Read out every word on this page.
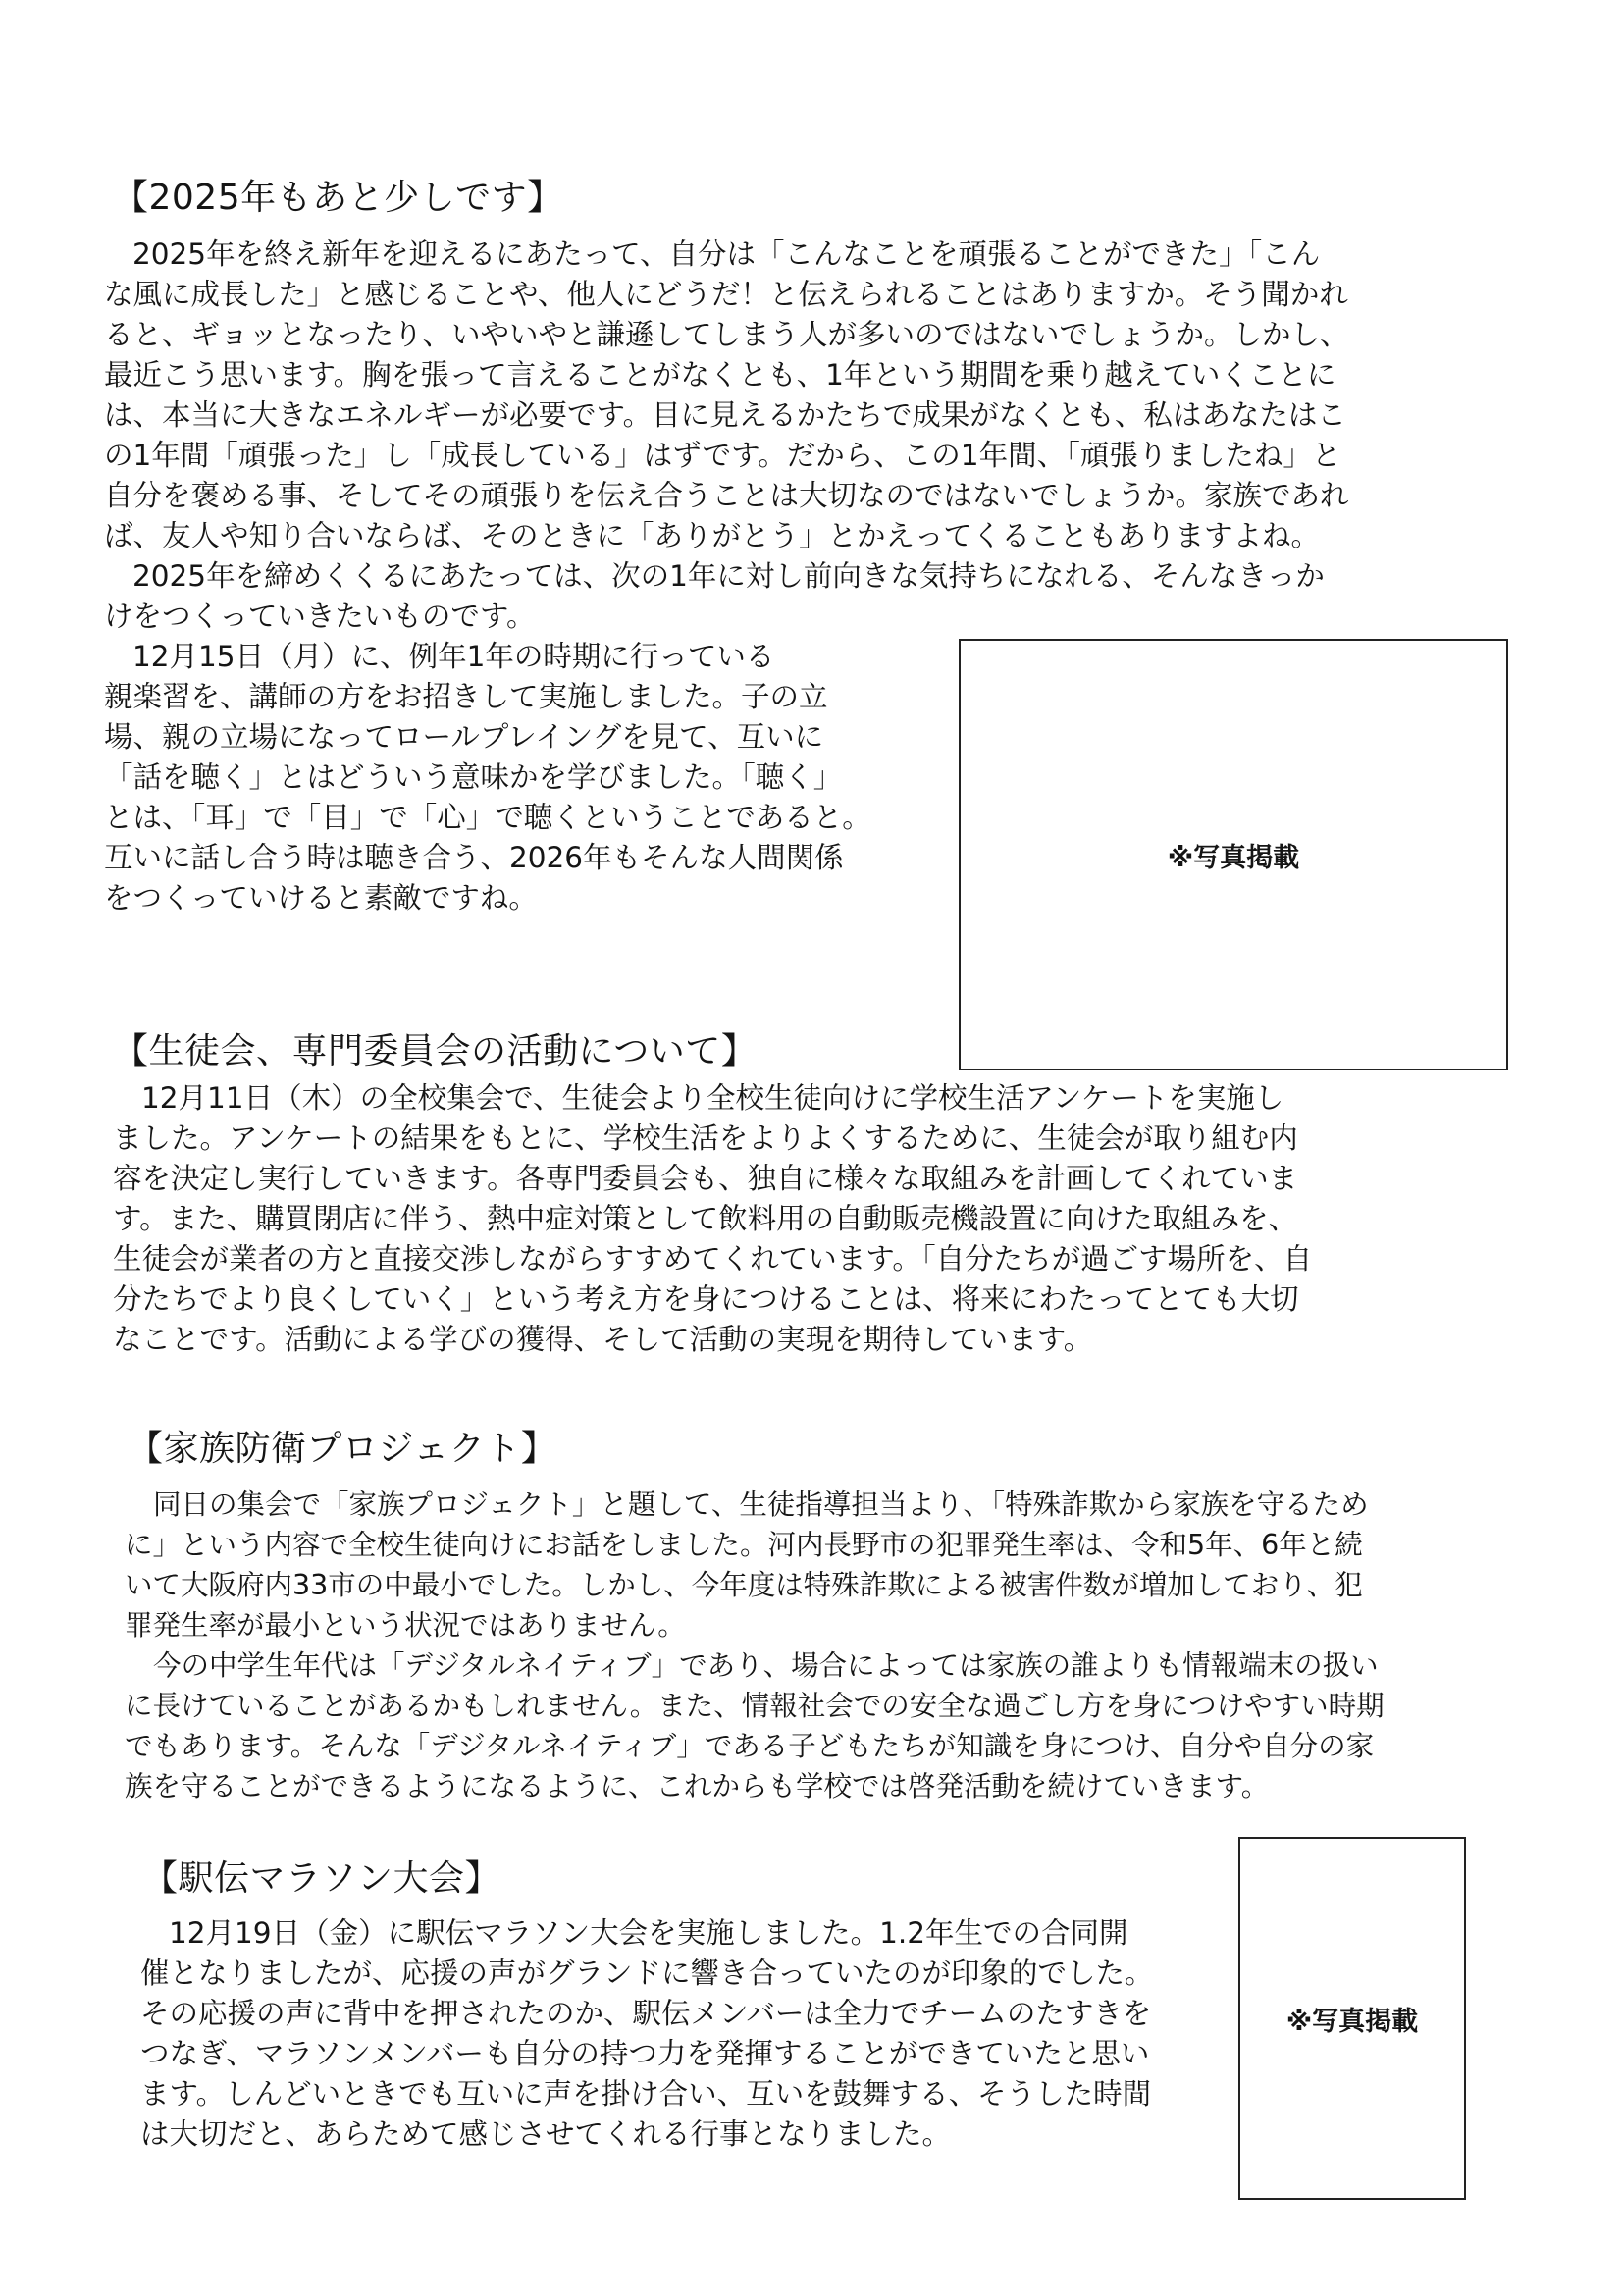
【2025年もあと少しです】
2025年を終え新年を迎えるにあたって、自分は「こんなことを頑張ることができた」「こん
な風に成長した」と感じることや、他人にどうだ！と伝えられることはありますか。そう聞かれ
ると、ギョッとなったり、いやいやと謙遜してしまう人が多いのではないでしょうか。しかし、
最近こう思います。胸を張って言えることがなくとも、1年という期間を乗り越えていくことに
は、本当に大きなエネルギーが必要です。目に見えるかたちで成果がなくとも、私はあなたはこ
の1年間「頑張った」し「成長している」はずです。だから、この1年間、「頑張りましたね」と
自分を褒める事、そしてその頑張りを伝え合うことは大切なのではないでしょうか。家族であれ
ば、友人や知り合いならば、そのときに「ありがとう」とかえってくることもありますよね。
2025年を締めくくるにあたっては、次の1年に対し前向きな気持ちになれる、そんなきっか
けをつくっていきたいものです。
12月15日（月）に、例年1年の時期に行っている
親楽習を、講師の方をお招きして実施しました。子の立
場、親の立場になってロールプレイングを見て、互いに
「話を聴く」とはどういう意味かを学びました。「聴く」
とは、「耳」で「目」で「心」で聴くということであると。
互いに話し合う時は聴き合う、2026年もそんな人間関係
をつくっていけると素敵ですね。
※写真掲載
【生徒会、専門委員会の活動について】
12月11日（木）の全校集会で、生徒会より全校生徒向けに学校生活アンケートを実施し
ました。アンケートの結果をもとに、学校生活をよりよくするために、生徒会が取り組む内
容を決定し実行していきます。各専門委員会も、独自に様々な取組みを計画してくれていま
す。また、購買閉店に伴う、熱中症対策として飲料用の自動販売機設置に向けた取組みを、
生徒会が業者の方と直接交渉しながらすすめてくれています。「自分たちが過ごす場所を、自
分たちでより良くしていく」という考え方を身につけることは、将来にわたってとても大切
なことです。活動による学びの獲得、そして活動の実現を期待しています。
【家族防衛プロジェクト】
同日の集会で「家族プロジェクト」と題して、生徒指導担当より、「特殊詐欺から家族を守るため
に」という内容で全校生徒向けにお話をしました。河内長野市の犯罪発生率は、令和5年、6年と続
いて大阪府内33市の中最小でした。しかし、今年度は特殊詐欺による被害件数が増加しており、犯
罪発生率が最小という状況ではありません。
今の中学生年代は「デジタルネイティブ」であり、場合によっては家族の誰よりも情報端末の扱い
に長けていることがあるかもしれません。また、情報社会での安全な過ごし方を身につけやすい時期
でもあります。そんな「デジタルネイティブ」である子どもたちが知識を身につけ、自分や自分の家
族を守ることができるようになるように、これからも学校では啓発活動を続けていきます。
【駅伝マラソン大会】
12月19日（金）に駅伝マラソン大会を実施しました。1.2年生での合同開
催となりましたが、応援の声がグランドに響き合っていたのが印象的でした。
その応援の声に背中を押されたのか、駅伝メンバーは全力でチームのたすきを
つなぎ、マラソンメンバーも自分の持つ力を発揮することができていたと思い
ます。しんどいときでも互いに声を掛け合い、互いを鼓舞する、そうした時間
は大切だと、あらためて感じさせてくれる行事となりました。
※写真掲載
